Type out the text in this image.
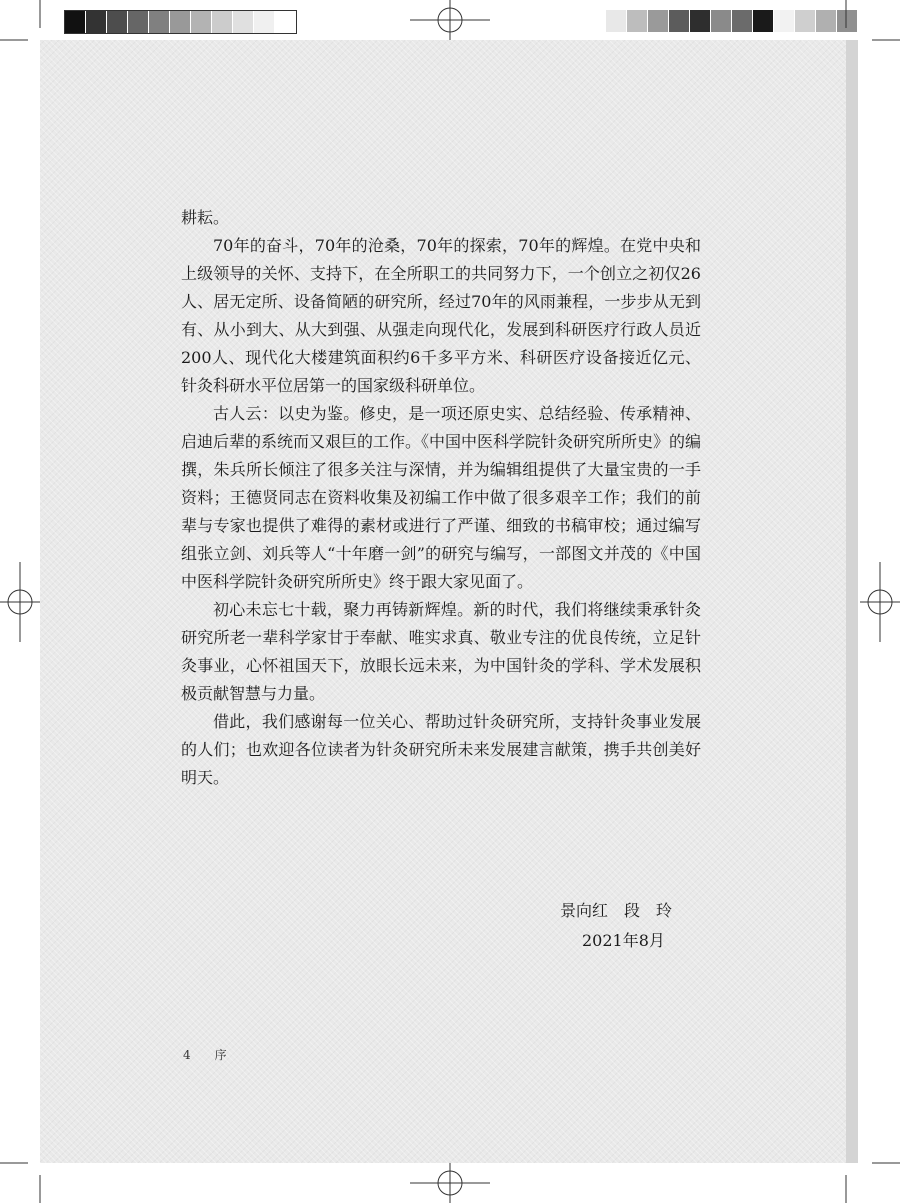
耕耘。

70年的奋斗，70年的沧桑，70年的探索，70年的辉煌。在党中央和上级领导的关怀、支持下，在全所职工的共同努力下，一个创立之初仅26人、居无定所、设备简陋的研究所，经过70年的风雨兼程，一步步从无到有、从小到大、从大到强、从强走向现代化，发展到科研医疗行政人员近200人、现代化大楼建筑面积约6千多平方米、科研医疗设备接近亿元、针灸科研水平位居第一的国家级科研单位。

古人云：以史为鉴。修史，是一项还原史实、总结经验、传承精神、启迪后辈的系统而又艰巨的工作。《中国中医科学院针灸研究所所史》的编撰，朱兵所长倾注了很多关注与深情，并为编辑组提供了大量宝贵的一手资料；王德贤同志在资料收集及初编工作中做了很多艰辛工作；我们的前辈与专家也提供了难得的素材或进行了严谨、细致的书稿审校；通过编写组张立剑、刘兵等人“十年磨一剑”的研究与编写，一部图文并茂的《中国中医科学院针灸研究所所史》终于跟大家见面了。

初心未忘七十载，聚力再铸新辉煌。新的时代，我们将继续秉承针灸研究所老一辈科学家甘于奉献、唯实求真、敬业专注的优良传统，立足针灸事业，心怀祖国天下，放眼长远未来，为中国针灸的学科、学术发展积极贡献智慧与力量。

借此，我们感谢每一位关心、帮助过针灸研究所，支持针灸事业发展的人们；也欢迎各位读者为针灸研究所未来发展建言献策，携手共创美好明天。

景向红　段　玲

2021年8月

4 序
